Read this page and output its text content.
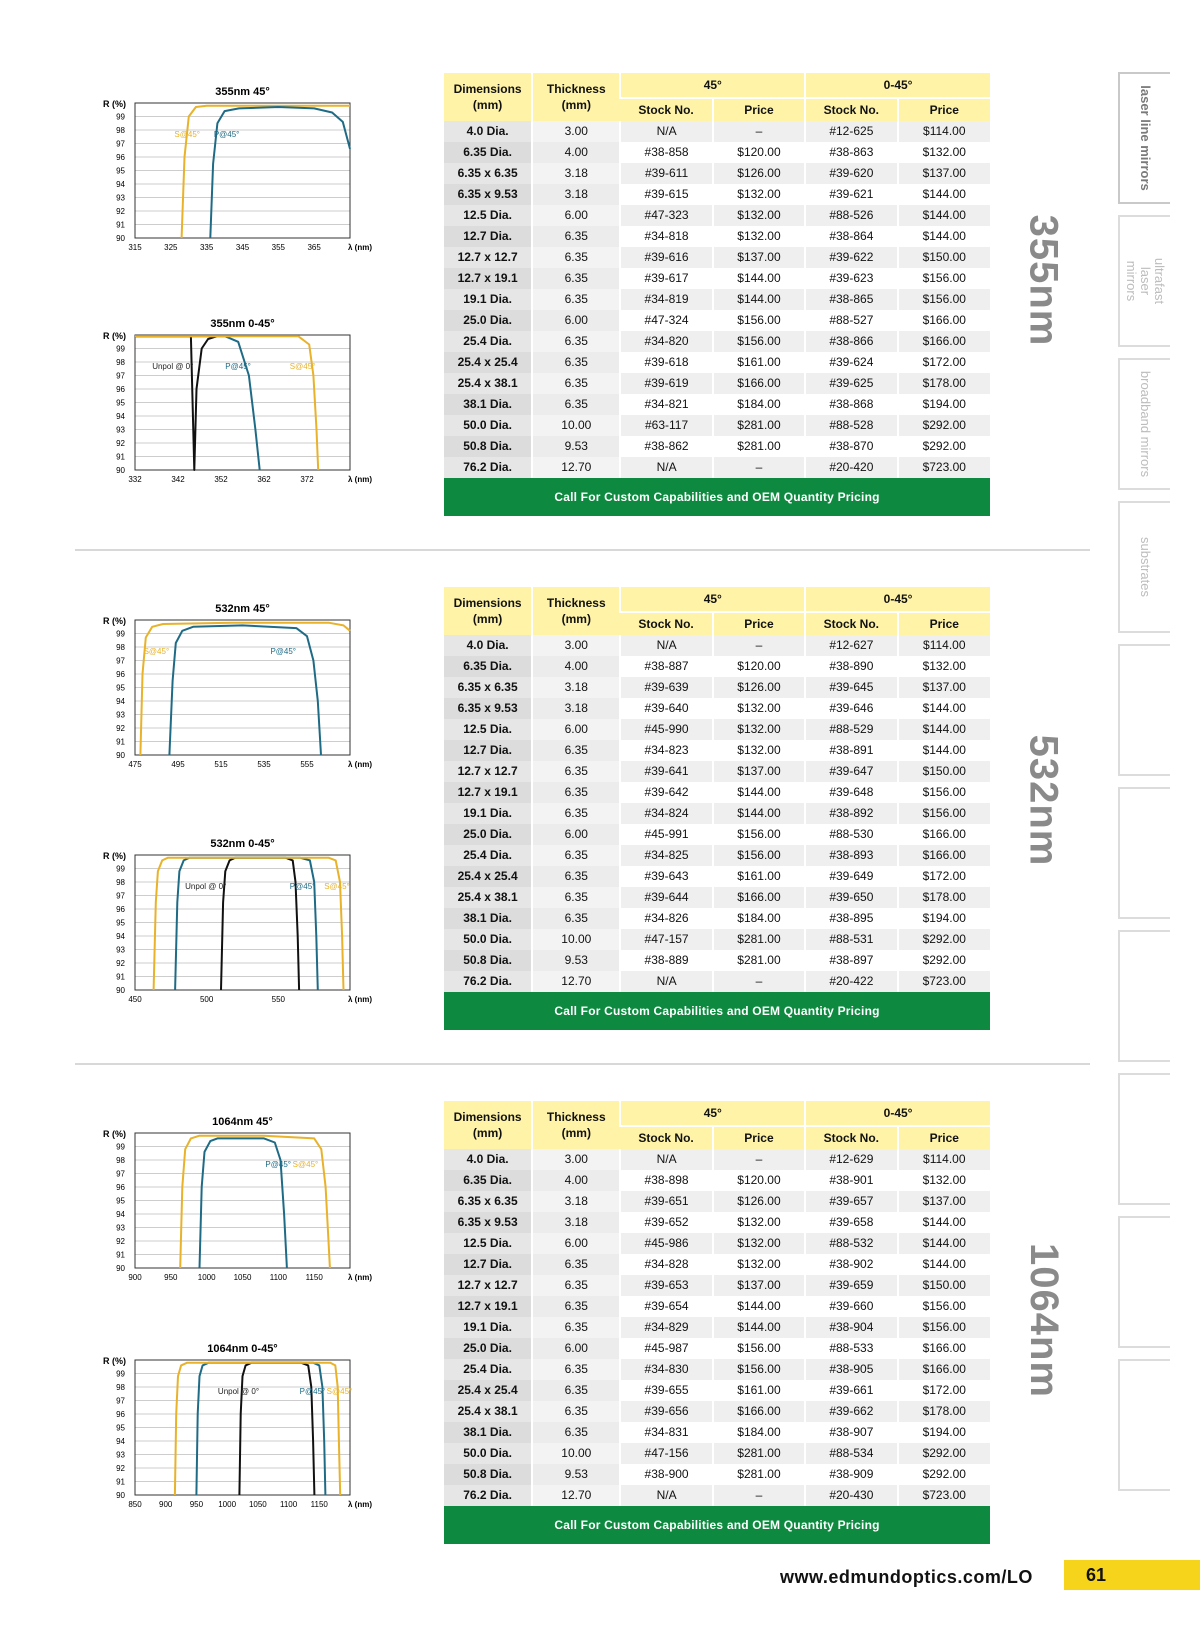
355nm 45°
R (%)
99
98
97
96
95
94
93
92
91
90
315	325	335	345	355	365	λ (nm)
S@45° P@45°
355nm 0-45°
R (%)
99
98
97
96
95
94
93
92
91
90
332	342	352	362	372	λ (nm)
Unpol @ 0°	P@45°	S@45°
Dimensions
(mm)	Thickness
(mm)	45°		0-45°	
		Stock No.	Price	Stock No.	Price
4.0 Dia.	3.00	N/A	–	#12-625	$114.00
6.35 Dia.	4.00	#38-858	$120.00	#38-863	$132.00
6.35 x 6.35	3.18	#39-611	$126.00	#39-620	$137.00
6.35 x 9.53	3.18	#39-615	$132.00	#39-621	$144.00
12.5 Dia.	6.00	#47-323	$132.00	#88-526	$144.00
12.7 Dia.	6.35	#34-818	$132.00	#38-864	$144.00
12.7 x 12.7	6.35	#39-616	$137.00	#39-622	$150.00
12.7 x 19.1	6.35	#39-617	$144.00	#39-623	$156.00
19.1 Dia.	6.35	#34-819	$144.00	#38-865	$156.00
25.0 Dia.	6.00	#47-324	$156.00	#88-527	$166.00
25.4 Dia.	6.35	#34-820	$156.00	#38-866	$166.00
25.4 x 25.4	6.35	#39-618	$161.00	#39-624	$172.00
25.4 x 38.1	6.35	#39-619	$166.00	#39-625	$178.00
38.1 Dia.	6.35	#34-821	$184.00	#38-868	$194.00
50.0 Dia.	10.00	#63-117	$281.00	#88-528	$292.00
50.8 Dia.	9.53	#38-862	$281.00	#38-870	$292.00
76.2 Dia.	12.70	N/A	–	#20-420	$723.00
Call For Custom Capabilities and OEM Quantity Pricing					
355nm
532nm 45°
R (%)
99
98
97
96
95
94
93
92
91
90
475	495	515	535	555	λ (nm)
S@45°	P@45°
532nm 0-45°
R (%)
99
98
97
96
95
94
93
92
91
90
450	500	550	λ (nm)
Unpol @ 0°	P@45° S@45°
Dimensions
(mm)	Thickness
(mm)	45°		0-45°	
		Stock No.	Price	Stock No.	Price
4.0 Dia.	3.00	N/A	–	#12-627	$114.00
6.35 Dia.	4.00	#38-887	$120.00	#38-890	$132.00
6.35 x 6.35	3.18	#39-639	$126.00	#39-645	$137.00
6.35 x 9.53	3.18	#39-640	$132.00	#39-646	$144.00
12.5 Dia.	6.00	#45-990	$132.00	#88-529	$144.00
12.7 Dia.	6.35	#34-823	$132.00	#38-891	$144.00
12.7 x 12.7	6.35	#39-641	$137.00	#39-647	$150.00
12.7 x 19.1	6.35	#39-642	$144.00	#39-648	$156.00
19.1 Dia.	6.35	#34-824	$144.00	#38-892	$156.00
25.0 Dia.	6.00	#45-991	$156.00	#88-530	$166.00
25.4 Dia.	6.35	#34-825	$156.00	#38-893	$166.00
25.4 x 25.4	6.35	#39-643	$161.00	#39-649	$172.00
25.4 x 38.1	6.35	#39-644	$166.00	#39-650	$178.00
38.1 Dia.	6.35	#34-826	$184.00	#38-895	$194.00
50.0 Dia.	10.00	#47-157	$281.00	#88-531	$292.00
50.8 Dia.	9.53	#38-889	$281.00	#38-897	$292.00
76.2 Dia.	12.70	N/A	–	#20-422	$723.00
Call For Custom Capabilities and OEM Quantity Pricing					
532nm
1064nm 45°
R (%)
99
98
97
96
95
94
93
92
91
90
900	950	1000 1050 1100 1150	λ (nm)
S@45°
P@45°
1064nm 0-45°
R (%)
99
98
97
96
95
94
93
92
91
90
850 900 950 1000 1050 1100 1150	λ (nm)
Unpol @ 0°	P@45° S@45°
Dimensions
(mm)	Thickness
(mm)	45°		0-45°	
		Stock No.	Price	Stock No.	Price
4.0 Dia.	3.00	N/A	–	#12-629	$114.00
6.35 Dia.	4.00	#38-898	$120.00	#38-901	$132.00
6.35 x 6.35	3.18	#39-651	$126.00	#39-657	$137.00
6.35 x 9.53	3.18	#39-652	$132.00	#39-658	$144.00
12.5 Dia.	6.00	#45-986	$132.00	#88-532	$144.00
12.7 Dia.	6.35	#34-828	$132.00	#38-902	$144.00
12.7 x 12.7	6.35	#39-653	$137.00	#39-659	$150.00
12.7 x 19.1	6.35	#39-654	$144.00	#39-660	$156.00
19.1 Dia.	6.35	#34-829	$144.00	#38-904	$156.00
25.0 Dia.	6.00	#45-987	$156.00	#88-533	$166.00
25.4 Dia.	6.35	#34-830	$156.00	#38-905	$166.00
25.4 x 25.4	6.35	#39-655	$161.00	#39-661	$172.00
25.4 x 38.1	6.35	#39-656	$166.00	#39-662	$178.00
38.1 Dia.	6.35	#34-831	$184.00	#38-907	$194.00
50.0 Dia.	10.00	#47-156	$281.00	#88-534	$292.00
50.8 Dia.	9.53	#38-900	$281.00	#38-909	$292.00
76.2 Dia.	12.70	N/A	–	#20-430	$723.00
Call For Custom Capabilities and OEM Quantity Pricing					
1064nm
laser line mirrors
ultrafast laser mirrors
broadband mirrors
substrates
www.edmundoptics.com/LO	61
